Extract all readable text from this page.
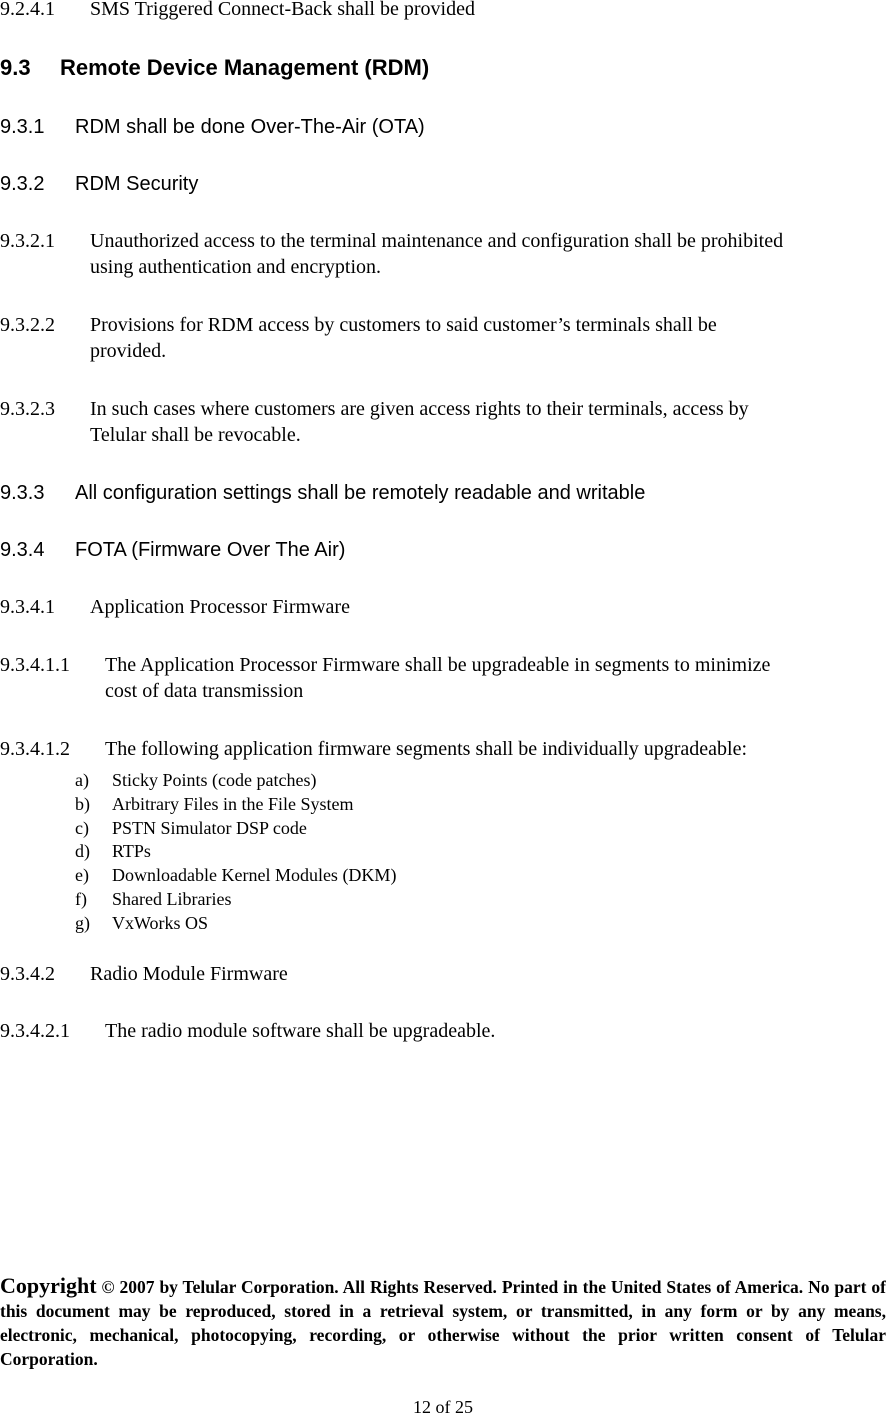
9.2.4.1 SMS Triggered Connect-Back shall be provided
9.3 Remote Device Management (RDM)
9.3.1 RDM shall be done Over-The-Air (OTA)
9.3.2 RDM Security
9.3.2.1 Unauthorized access to the terminal maintenance and configuration shall be prohibited
using authentication and encryption.
9.3.2.2 Provisions for RDM access by customers to said customer’s terminals shall be
provided.
9.3.2.3 In such cases where customers are given access rights to their terminals, access by
Telular shall be revocable.
9.3.3 All configuration settings shall be remotely readable and writable
9.3.4 FOTA (Firmware Over The Air)
9.3.4.1 Application Processor Firmware
9.3.4.1.1 The Application Processor Firmware shall be upgradeable in segments to minimize
cost of data transmission
9.3.4.1.2 The following application firmware segments shall be individually upgradeable:
a) Sticky Points (code patches)
b) Arbitrary Files in the File System
c) PSTN Simulator DSP code
d) RTPs
e) Downloadable Kernel Modules (DKM)
f) Shared Libraries
g) VxWorks OS
9.3.4.2 Radio Module Firmware
9.3.4.2.1 The radio module software shall be upgradeable.
Copyright © 2007 by Telular Corporation. All Rights Reserved. Printed in the United States of America. No part of this document may be reproduced, stored in a retrieval system, or transmitted, in any form or by any means, electronic, mechanical, photocopying, recording, or otherwise without the prior written consent of Telular Corporation.
12 of 25
